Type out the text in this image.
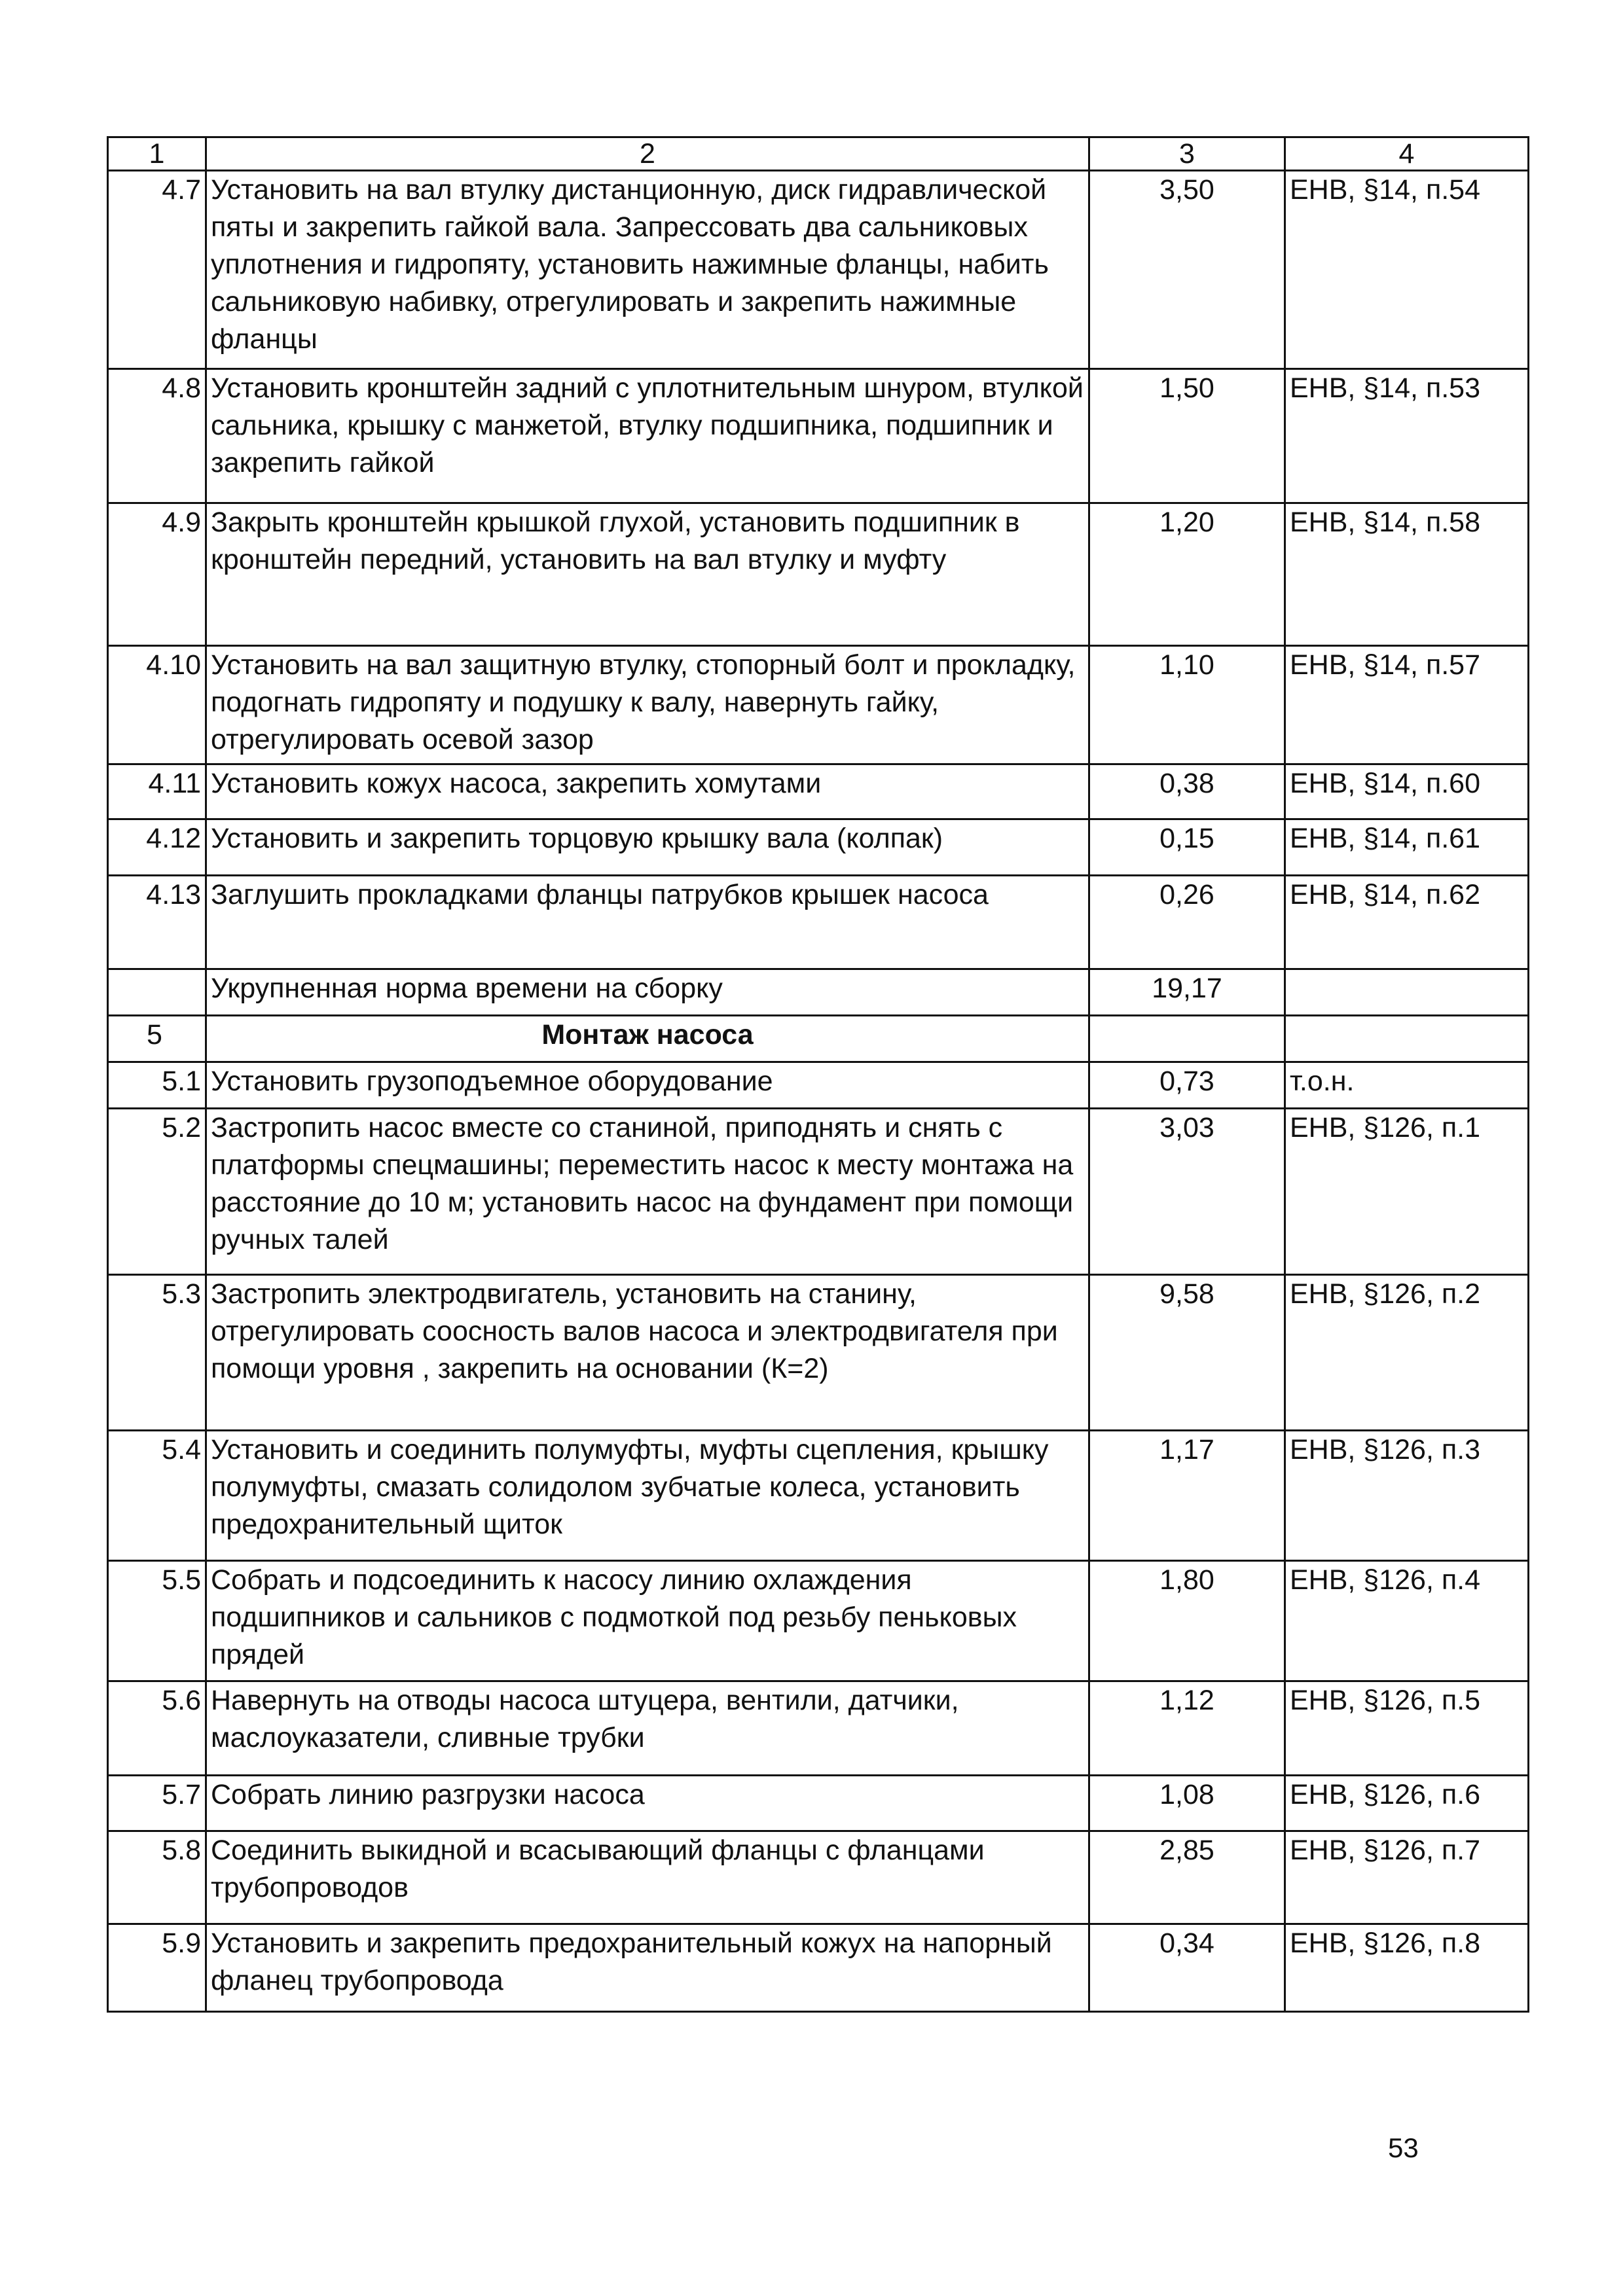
1	2	3	4
4.7	Установить на вал втулку дистанционную, диск гидравлической пяты и закрепить гайкой вала. Запрессовать два сальниковых уплотнения и гидропяту, установить нажимные фланцы, набить сальниковую набивку, отрегулировать и закрепить нажимные фланцы	3,50	ЕНВ, §14, п.54
4.8	Установить кронштейн задний с уплотнительным шнуром, втулкой сальника, крышку с манжетой, втулку подшипника, подшипник и закрепить гайкой	1,50	ЕНВ, §14, п.53
4.9	Закрыть кронштейн крышкой глухой, установить подшипник в кронштейн передний, установить на вал втулку и муфту	1,20	ЕНВ, §14, п.58
4.10	Установить на вал защитную втулку, стопорный болт и прокладку, подогнать гидропяту и подушку к валу, навернуть гайку, отрегулировать осевой зазор	1,10	ЕНВ, §14, п.57
4.11	Установить кожух насоса, закрепить хомутами	0,38	ЕНВ, §14, п.60
4.12	Установить и закрепить торцовую крышку вала (колпак)	0,15	ЕНВ, §14, п.61
4.13	Заглушить прокладками фланцы патрубков крышек насоса	0,26	ЕНВ, §14, п.62
	Укрупненная норма времени на сборку	19,17	
5	Монтаж насоса		
5.1	Установить грузоподъемное оборудование	0,73	т.о.н.
5.2	Застропить насос вместе со станиной, приподнять и снять с платформы спецмашины; переместить насос к месту монтажа на расстояние до 10 м; установить насос на фундамент при помощи ручных талей	3,03	ЕНВ, §126, п.1
5.3	Застропить электродвигатель, установить на станину, отрегулировать соосность валов насоса и электродвигателя при помощи уровня , закрепить на основании (К=2)	9,58	ЕНВ, §126, п.2
5.4	Установить и соединить полумуфты, муфты сцепления, крышку полумуфты, смазать солидолом зубчатые колеса, установить предохранительный щиток	1,17	ЕНВ, §126, п.3
5.5	Собрать и подсоединить к насосу линию охлаждения подшипников и сальников с подмоткой под резьбу пеньковых прядей	1,80	ЕНВ, §126, п.4
5.6	Навернуть на отводы насоса штуцера, вентили, датчики, маслоуказатели, сливные трубки	1,12	ЕНВ, §126, п.5
5.7	Собрать линию разгрузки насоса	1,08	ЕНВ, §126, п.6
5.8	Соединить выкидной и всасывающий фланцы с фланцами трубопроводов	2,85	ЕНВ, §126, п.7
5.9	Установить и закрепить предохранительный кожух на напорный фланец трубопровода	0,34	ЕНВ, §126, п.8
53
